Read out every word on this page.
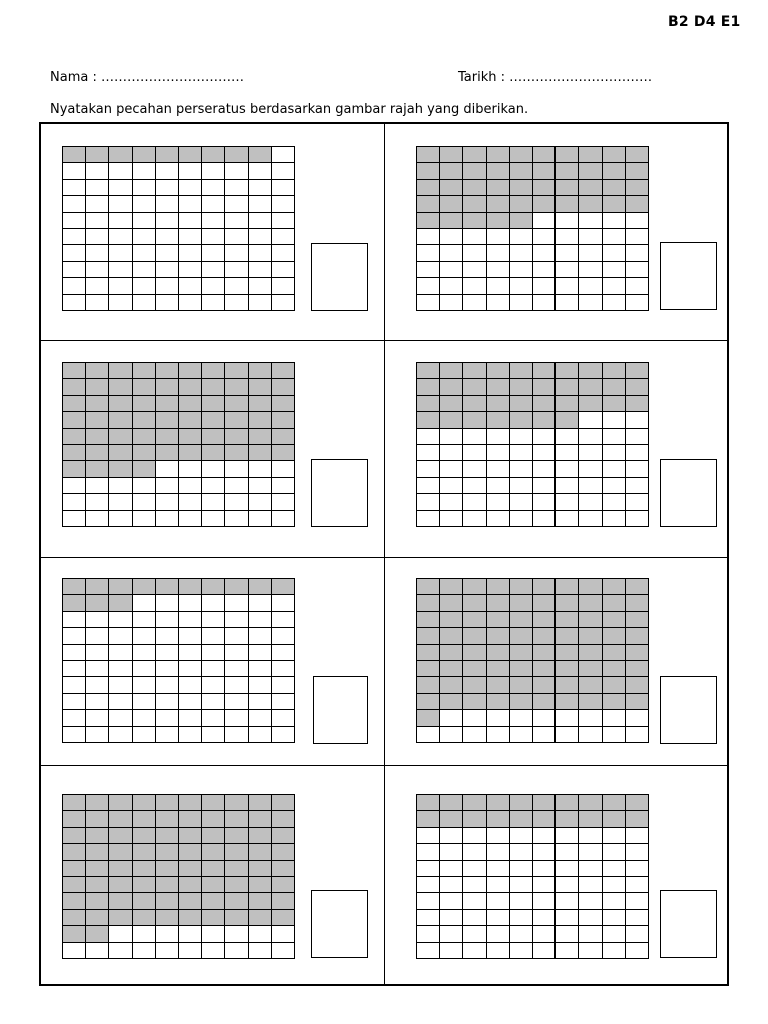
B2 D4 E1
Nama : ……………………………	Tarikh : ……………………………
Nyatakan pecahan perseratus berdasarkan gambar rajah yang diberikan.
